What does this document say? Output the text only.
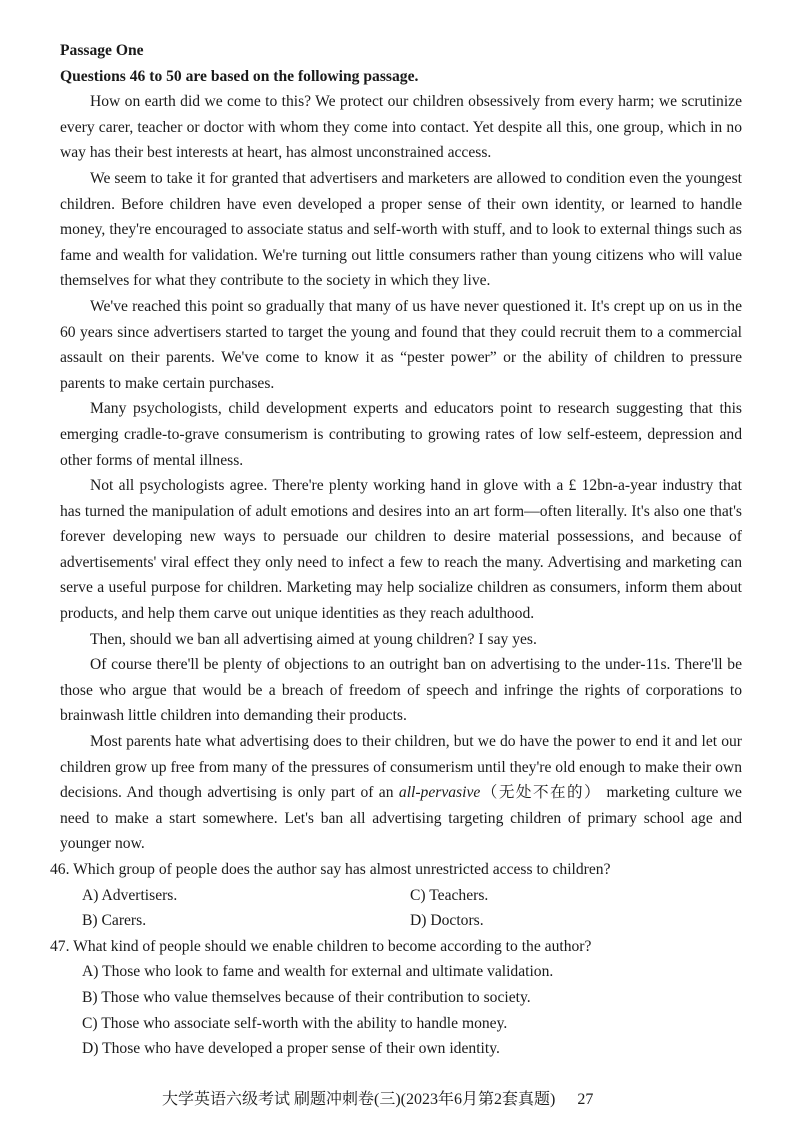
Passage One
Questions 46 to 50 are based on the following passage.

How on earth did we come to this? We protect our children obsessively from every harm; we scrutinize every carer, teacher or doctor with whom they come into contact. Yet despite all this, one group, which in no way has their best interests at heart, has almost unconstrained access.

We seem to take it for granted that advertisers and marketers are allowed to condition even the youngest children. Before children have even developed a proper sense of their own identity, or learned to handle money, they're encouraged to associate status and self-worth with stuff, and to look to external things such as fame and wealth for validation. We're turning out little consumers rather than young citizens who will value themselves for what they contribute to the society in which they live.

We've reached this point so gradually that many of us have never questioned it. It's crept up on us in the 60 years since advertisers started to target the young and found that they could recruit them to a commercial assault on their parents. We've come to know it as “pester power” or the ability of children to pressure parents to make certain purchases.

Many psychologists, child development experts and educators point to research suggesting that this emerging cradle-to-grave consumerism is contributing to growing rates of low self-esteem, depression and other forms of mental illness.

Not all psychologists agree. There're plenty working hand in glove with a £ 12bn-a-year industry that has turned the manipulation of adult emotions and desires into an art form—often literally. It's also one that's forever developing new ways to persuade our children to desire material possessions, and because of advertisements' viral effect they only need to infect a few to reach the many. Advertising and marketing can serve a useful purpose for children. Marketing may help socialize children as consumers, inform them about products, and help them carve out unique identities as they reach adulthood.

Then, should we ban all advertising aimed at young children? I say yes.

Of course there'll be plenty of objections to an outright ban on advertising to the under-11s. There'll be those who argue that would be a breach of freedom of speech and infringe the rights of corporations to brainwash little children into demanding their products.

Most parents hate what advertising does to their children, but we do have the power to end it and let our children grow up free from many of the pressures of consumerism until they're old enough to make their own decisions. And though advertising is only part of an all-pervasive（无处不在的） marketing culture we need to make a start somewhere. Let's ban all advertising targeting children of primary school age and younger now.

46. Which group of people does the author say has almost unrestricted access to children?

A) Advertisers.	C) Teachers.
B) Carers.	D) Doctors.

47. What kind of people should we enable children to become according to the author?

A) Those who look to fame and wealth for external and ultimate validation.
B) Those who value themselves because of their contribution to society.
C) Those who associate self-worth with the ability to handle money.
D) Those who have developed a proper sense of their own identity.
大学英语六级考试 刷题冲刺卷(三)(2023年6月第2套真题) 27
